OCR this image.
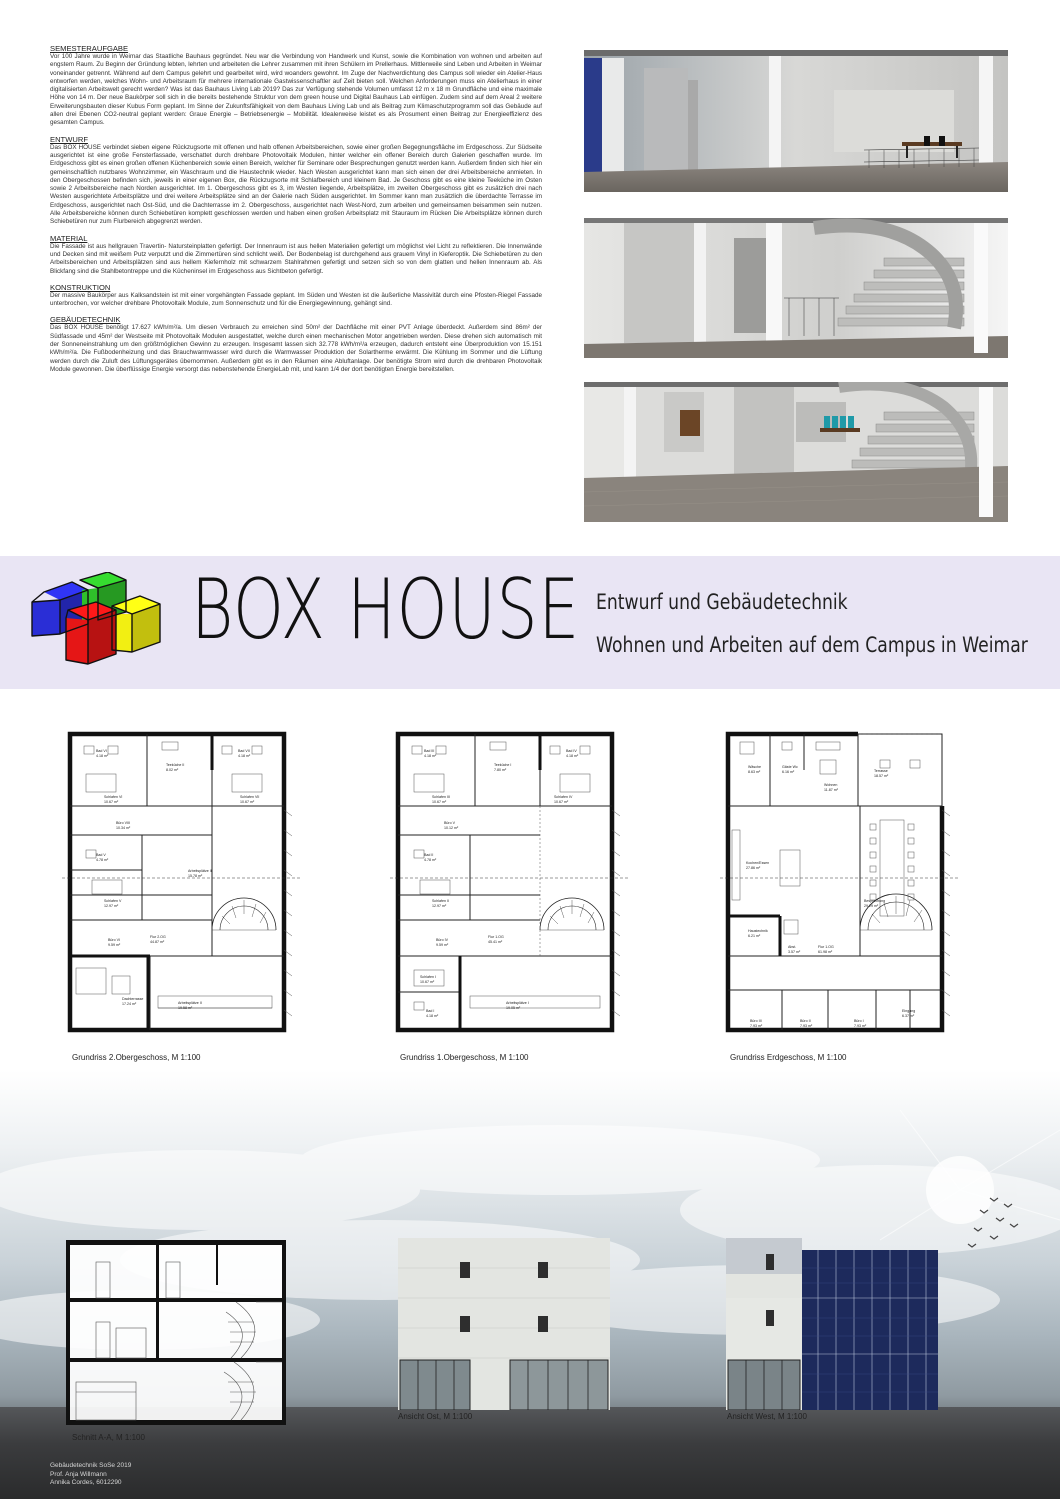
SEMESTERAUFGABE

Vor 100 Jahre wurde in Weimar das Staatliche Bauhaus gegründet. Neu war die Verbindung von Handwerk und Kunst, sowie die Kombination von wohnen und arbeiten auf engstem Raum. Zu Beginn der Gründung lebten, lehrten und arbeiteten die Lehrer zusammen mit ihren Schülern im Prellerhaus. Mittlerweile sind Leben und Arbeiten in Weimar voneinander getrennt. Während auf dem Campus gelehrt und gearbeitet wird, wird woanders gewohnt. Im Zuge der Nachverdichtung des Campus soll wieder ein Atelier-Haus entworfen werden, welches Wohn- und Arbeitsraum für mehrere internationale Gastwissenschaftler auf Zeit bieten soll. Welchen Anforderungen muss ein Atelierhaus in einer digitalisierten Arbeitswelt gerecht werden? Was ist das Bauhaus Living Lab 2019? Das zur Verfügung stehende Volumen umfasst 12 m x 18 m Grundfläche und eine maximale Höhe von 14 m. Der neue Baukörper soll sich in die bereits bestehende Struktur von dem green house und Digital Bauhaus Lab einfügen. Zudem sind auf dem Areal 2 weitere Erweiterungsbauten dieser Kubus Form geplant. Im Sinne der Zukunftsfähigkeit von dem Bauhaus Living Lab und als Beitrag zum Klimaschutzprogramm soll das Gebäude auf allen drei Ebenen CO2-neutral geplant werden: Graue Energie – Betriebsenergie – Mobilität. Idealerweise leistet es als Prosument einen Beitrag zur Energieeffizienz des gesamten Campus.

ENTWURF

Das BOX HOUSE verbindet sieben eigene Rückzugsorte mit offenen und halb offenen Arbeitsbereichen, sowie einer großen Begegnungsfläche im Erdgeschoss. Zur Südseite ausgerichtet ist eine große Fensterfassade, verschattet durch drehbare Photovoltaik Modulen, hinter welcher ein offener Bereich durch Galerien geschaffen wurde. Im Erdgeschoss gibt es einen großen offenen Küchenbereich sowie einen Bereich, welcher für Seminare oder Besprechungen genutzt werden kann. Außerdem finden sich hier ein gemeinschaftlich nutzbares Wohnzimmer, ein Waschraum und die Haustechnik wieder. Nach Westen ausgerichtet kann man sich einen der drei Arbeitsbereiche anmieten. In den Obergeschossen befinden sich, jeweils in einer eigenen Box, die Rückzugsorte mit Schlafbereich und kleinem Bad. Je Geschoss gibt es eine kleine Teeküche im Osten sowie 2 Arbeitsbereiche nach Norden ausgerichtet. Im 1. Obergeschoss gibt es 3, im Westen liegende, Arbeitsplätze, im zweiten Obergeschoss gibt es zusätzlich drei nach Westen ausgerichtete Arbeitsplätze und drei weitere Arbeitsplätze sind an der Galerie nach Süden ausgerichtet. Im Sommer kann man zusätzlich die überdachte Terrasse im Erdgeschoss, ausgerichtet nach Ost-Süd, und die Dachterrasse im 2. Obergeschoss, ausgerichtet nach West-Nord, zum arbeiten und gemeinsamen beisammen sein nutzen. Alle Arbeitsbereiche können durch Schiebetüren komplett geschlossen werden und haben einen großen Arbeitsplatz mit Stauraum im Rücken Die Arbeitsplätze können durch Schiebetüren nur zum Flurbereich abgegrenzt werden.

MATERIAL

Die Fassade ist aus hellgrauen Travertin- Natursteinplatten gefertigt. Der Innenraum ist aus hellen Materialien gefertigt um möglichst viel Licht zu reflektieren. Die Innenwände und Decken sind mit weißem Putz verputzt und die Zimmertüren sind schlicht weiß. Der Bodenbelag ist durchgehend aus grauem Vinyl in Kieferoptik. Die Schiebetüren zu den Arbeitsbereichen und Arbeitsplätzen sind aus hellem Kiefernholz mit schwarzem Stahlrahmen gefertigt und setzen sich so von dem glatten und hellen Innenraum ab. Als Blickfang sind die Stahlbetontreppe und die Kücheninsel im Erdgeschoss aus Sichtbeton gefertigt.

KONSTRUKTION

Der massive Baukörper aus Kalksandstein ist mit einer vorgehängten Fassade geplant. Im Süden und Westen ist die äußerliche Massivität durch eine Pfosten-Riegel Fassade unterbrochen, vor welcher drehbare Photovoltaik Module, zum Sonnenschutz und für die Energiegewinnung, gehängt sind.

GEBÄUDETECHNIK

Das BOX HOUSE benötigt 17.627 kWh/m²/a. Um diesen Verbrauch zu erreichen sind 50m² der Dachfläche mit einer PVT Anlage überdeckt. Außerdem sind 86m² der Südfassade und 45m² der Westseite mit Photovoltaik Modulen ausgestattet, welche durch einen mechanischen Motor angetrieben werden. Diese drehen sich automatisch mit der Sonneneinstrahlung um den größtmöglichen Gewinn zu erzeugen. Insgesamt lassen sich 32.778 kWh/m²/a erzeugen, dadurch entsteht eine Überproduktion von 15.151 kWh/m²/a. Die Fußbodenheizung und das Brauchwarmwasser wird durch die Warmwasser Produktion der Solartherme erwärmt. Die Kühlung im Sommer und die Lüftung werden durch die Zuluft des Lüftungsgerätes übernommen. Außerdem gibt es in den Räumen eine Abluftanlage. Der benötigte Strom wird durch die drehbaren Photovoltaik Module gewonnen. Die überflüssige Energie versorgt das nebenstehende EnergieLab mit, und kann 1/4 der dort benötigten Energie bereitstellen.

BOX HOUSE Entwurf und Gebäudetechnik
Wohnen und Arbeiten auf dem Campus in Weimar
Bad VI
4.18 m²
Bad VII
4.18 m²
Teeküche II
8.02 m²
Schlafen VI
10.67 m²
Schlafen VII
10.67 m²
Büro VIII
10.34 m²
Bad V
4.78 m²
Arbeitsplätze III
15.78 m²
Schlafen V
12.97 m²
Büro VI
9.59 m²
Flur 2.OG
44.87 m²
Dachterrasse
17.24 m²	Arbeitsplätze II
19.58 m²
Grundriss 2.Obergeschoss, M 1:100
Bad III
4.18 m²
Bad IV
4.18 m²
Teeküche I
7.80 m²
Schlafen III
10.67 m²
Schlafen IV
10.67 m²
Büro V
10.12 m²
Bad II
4.78 m²
Schlafen II
12.97 m²
Büro IV
9.59 m²
Flur 1.OG
45.41 m²
Schlafen I
10.67 m²
Bad I
4.18 m²
Arbeitsplätze I
19.05 m²
Grundriss 1.Obergeschoss, M 1:100
Wäsche
8.63 m²
Gäste Wc
6.16 m²	Terrasse
18.57 m²
Wohnen
11.87 m²
Kochen/Essen
27.86 m²
Besprechung
29.29 m²
Haustechnik
6.21 m²
Abst.
3.57 m²
Flur 1.OG
61.98 m²
Büro III
7.93 m²
Büro II
7.93 m²
Büro I
7.93 m²
Eingang
6.37 m²
Grundriss Erdgeschoss, M 1:100
Schnitt A-A, M 1:100
Ansicht Ost, M 1:100	Ansicht West, M 1:100
Gebäudetechnik SoSe 2019
Prof. Anja Willmann
Annika Cordes, 6012290
